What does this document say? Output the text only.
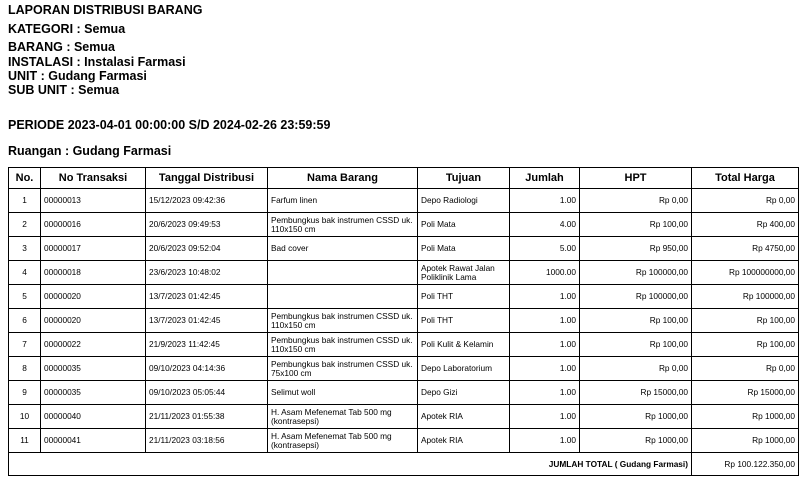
LAPORAN DISTRIBUSI BARANG
KATEGORI : Semua
BARANG : Semua
INSTALASI : Instalasi Farmasi
UNIT : Gudang Farmasi
SUB UNIT : Semua
PERIODE 2023-04-01 00:00:00 S/D 2024-02-26 23:59:59
Ruangan : Gudang Farmasi
No.	No Transaksi	Tanggal Distribusi	Nama Barang	Tujuan	Jumlah	HPT	Total Harga
1	00000013	15/12/2023 09:42:36	Farfum linen	Depo Radiologi	1.00	Rp 0,00	Rp 0,00
2	00000016	20/6/2023 09:49:53	Pembungkus bak instrumen CSSD uk. 110x150 cm	Poli Mata	4.00	Rp 100,00	Rp 400,00
3	00000017	20/6/2023 09:52:04	Bad cover	Poli Mata	5.00	Rp 950,00	Rp 4750,00
4	00000018	23/6/2023 10:48:02		Apotek Rawat Jalan Poliklinik Lama	1000.00	Rp 100000,00	Rp 100000000,00
5	00000020	13/7/2023 01:42:45		Poli THT	1.00	Rp 100000,00	Rp 100000,00
6	00000020	13/7/2023 01:42:45	Pembungkus bak instrumen CSSD uk. 110x150 cm	Poli THT	1.00	Rp 100,00	Rp 100,00
7	00000022	21/9/2023 11:42:45	Pembungkus bak instrumen CSSD uk. 110x150 cm	Poli Kulit & Kelamin	1.00	Rp 100,00	Rp 100,00
8	00000035	09/10/2023 04:14:36	Pembungkus bak instrumen CSSD uk. 75x100 cm	Depo Laboratorium	1.00	Rp 0,00	Rp 0,00
9	00000035	09/10/2023 05:05:44	Selimut woll	Depo Gizi	1.00	Rp 15000,00	Rp 15000,00
10	00000040	21/11/2023 01:55:38	H. Asam Mefenemat Tab 500 mg (kontrasepsi)	Apotek RIA	1.00	Rp 1000,00	Rp 1000,00
11	00000041	21/11/2023 03:18:56	H. Asam Mefenemat Tab 500 mg (kontrasepsi)	Apotek RIA	1.00	Rp 1000,00	Rp 1000,00
JUMLAH TOTAL ( Gudang Farmasi)							Rp 100.122.350,00
